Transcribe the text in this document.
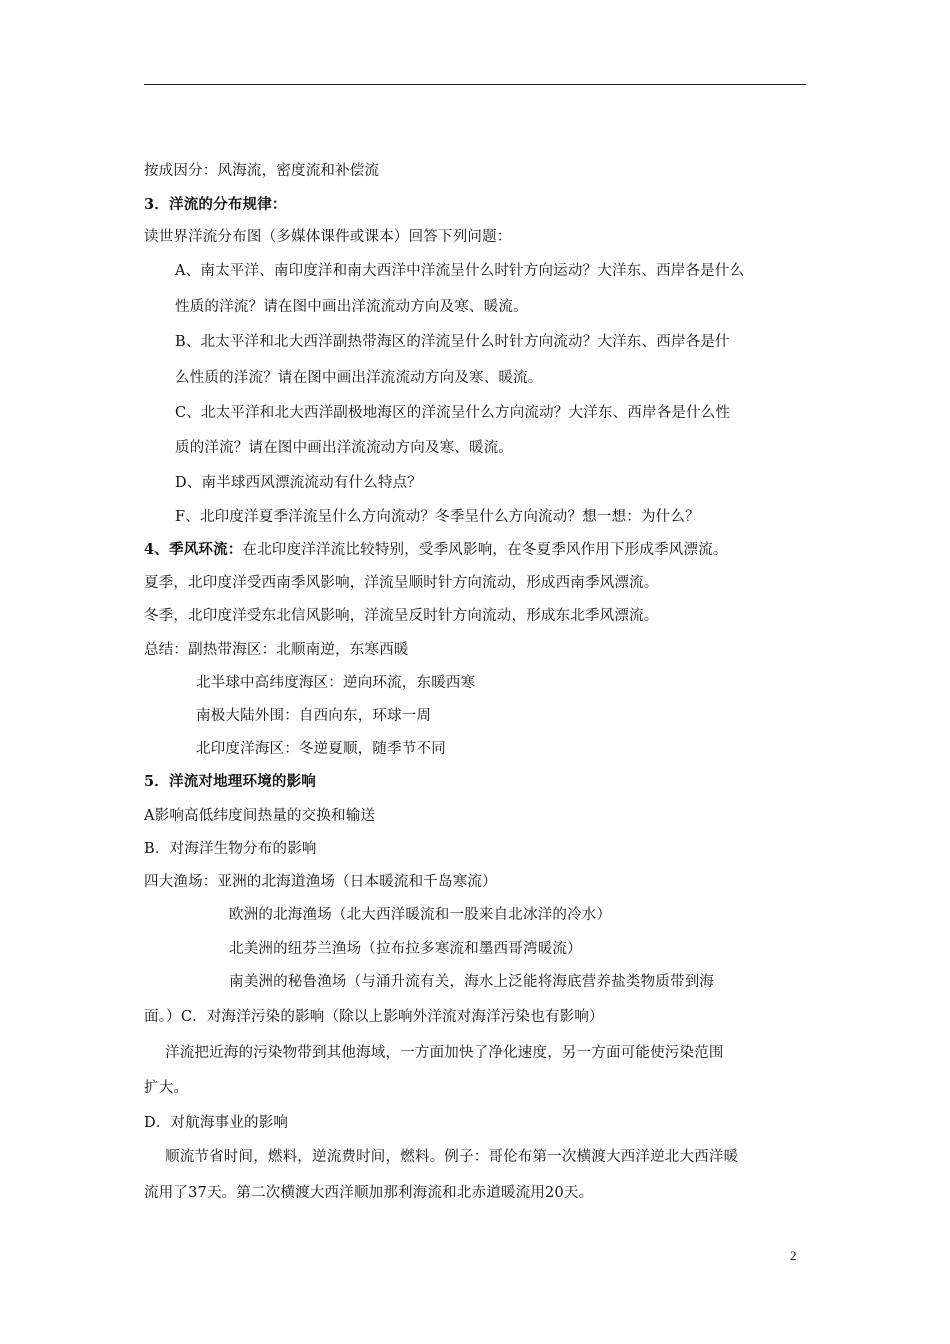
按成因分：风海流，密度流和补偿流
3．洋流的分布规律：
读世界洋流分布图（多媒体课件或课本）回答下列问题：
A、南太平洋、南印度洋和南大西洋中洋流呈什么时针方向运动？大洋东、西岸各是什么
性质的洋流？请在图中画出洋流流动方向及寒、暖流。
B、北太平洋和北大西洋副热带海区的洋流呈什么时针方向流动？大洋东、西岸各是什
么性质的洋流？请在图中画出洋流流动方向及寒、暖流。
C、北太平洋和北大西洋副极地海区的洋流呈什么方向流动？大洋东、西岸各是什么性
质的洋流？请在图中画出洋流流动方向及寒、暖流。
D、南半球西风漂流流动有什么特点？
F、北印度洋夏季洋流呈什么方向流动？冬季呈什么方向流动？想一想：为什么？
4、季风环流：在北印度洋洋流比较特别，受季风影响，在冬夏季风作用下形成季风漂流。
夏季，北印度洋受西南季风影响，洋流呈顺时针方向流动，形成西南季风漂流。
冬季，北印度洋受东北信风影响，洋流呈反时针方向流动，形成东北季风漂流。
总结：副热带海区：北顺南逆，东寒西暖
北半球中高纬度海区：逆向环流，东暖西寒
南极大陆外围：自西向东，环球一周
北印度洋海区：冬逆夏顺，随季节不同
5．洋流对地理环境的影响
A影响高低纬度间热量的交换和输送
B．对海洋生物分布的影响
四大渔场：亚洲的北海道渔场（日本暖流和千岛寒流）
欧洲的北海渔场（北大西洋暖流和一股来自北冰洋的冷水）
北美洲的纽芬兰渔场（拉布拉多寒流和墨西哥湾暖流）
南美洲的秘鲁渔场（与涌升流有关，海水上泛能将海底营养盐类物质带到海
面。）C．对海洋污染的影响（除以上影响外洋流对海洋污染也有影响）
洋流把近海的污染物带到其他海域，一方面加快了净化速度，另一方面可能使污染范围
扩大。
D．对航海事业的影响
顺流节省时间，燃料，逆流费时间，燃料。例子：哥伦布第一次横渡大西洋逆北大西洋暖
流用了37天。第二次横渡大西洋顺加那利海流和北赤道暖流用20天。
2
